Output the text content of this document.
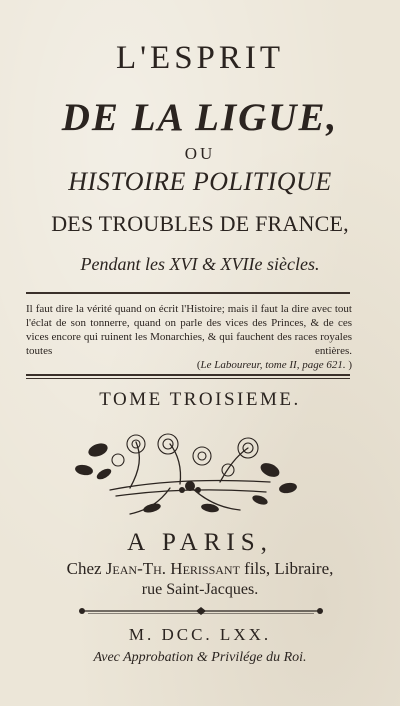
L'ESPRIT
DE LA LIGUE,
OU
HISTOIRE POLITIQUE
DES TROUBLES DE FRANCE,
Pendant les XVI & XVIIe siècles.
Il faut dire la vérité quand on écrit l'Histoire; mais il faut la dire avec tout l'éclat de son tonnerre, quand on parle des vices des Princes, & de ces vices encore qui ruinent les Monarchies, & qui fauchent des races royales toutes entières.
(Le Laboureur, tome II, page 621. )
TOME TROISIEME.
A PARIS,
Chez Jean-Th. Herissant fils, Libraire,
rue Saint-Jacques.
M. DCC. LXX.
Avec Approbation & Privilége du Roi.
